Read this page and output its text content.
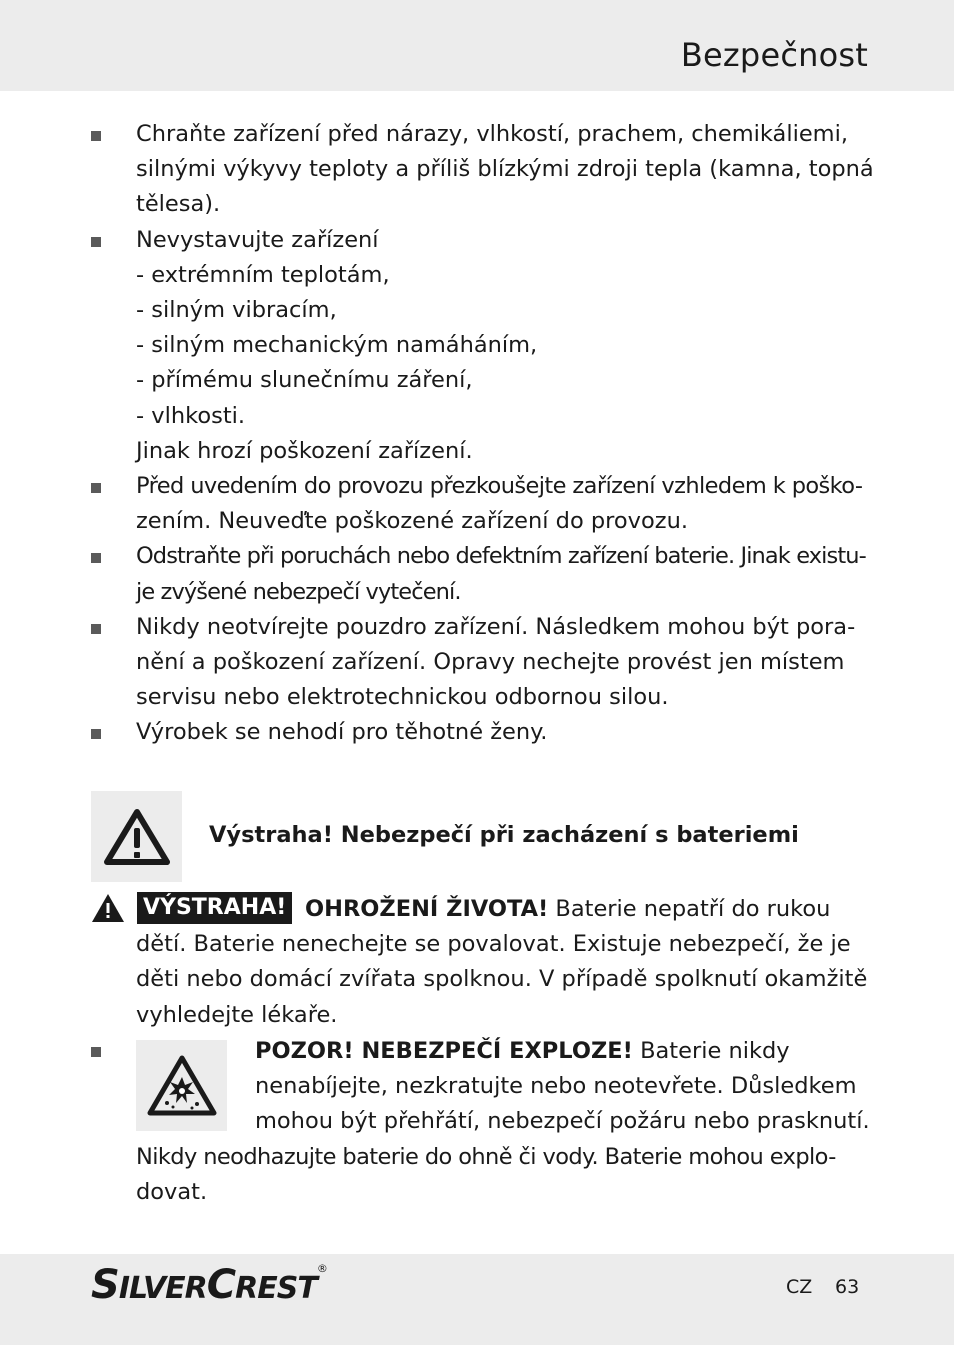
Bezpečnost
Chraňte zařízení před nárazy, vlhkostí, prachem, chemikáliemi,
silnými výkyvy teploty a příliš blízkými zdroji tepla (kamna, topná
tělesa).
Nevystavujte zařízení
- extrémním teplotám,
- silným vibracím,
- silným mechanickým namáháním,
- přímému slunečnímu záření,
- vlhkosti.
Jinak hrozí poškození zařízení.
Před uvedením do provozu přezkoušejte zařízení vzhledem k poško-
zením. Neuveďte poškozené zařízení do provozu.
Odstraňte při poruchách nebo defektním zařízení baterie. Jinak existu-
je zvýšené nebezpečí vytečení.
Nikdy neotvírejte pouzdro zařízení. Následkem mohou být pora-
nění a poškození zařízení. Opravy nechejte provést jen místem
servisu nebo elektrotechnickou odbornou silou.
Výrobek se nehodí pro těhotné ženy.
Výstraha! Nebezpečí při zacházení s bateriemi
OHROŽENÍ ŽIVOTA! Baterie nepatří do rukou
dětí. Baterie nenechejte se povalovat. Existuje nebezpečí, že je
děti nebo domácí zvířata spolknou. V případě spolknutí okamžitě
vyhledejte lékaře.
VÝSTRAHA!
POZOR! NEBEZPEČÍ EXPLOZE! Baterie nikdy
nenabíjejte, nezkratujte nebo neotevřete. Důsledkem
mohou být přehřátí, nebezpečí požáru nebo prasknutí.
Nikdy neodhazujte baterie do ohně či vody. Baterie mohou explo-
dovat.
SILVERCREST®
CZ 63
